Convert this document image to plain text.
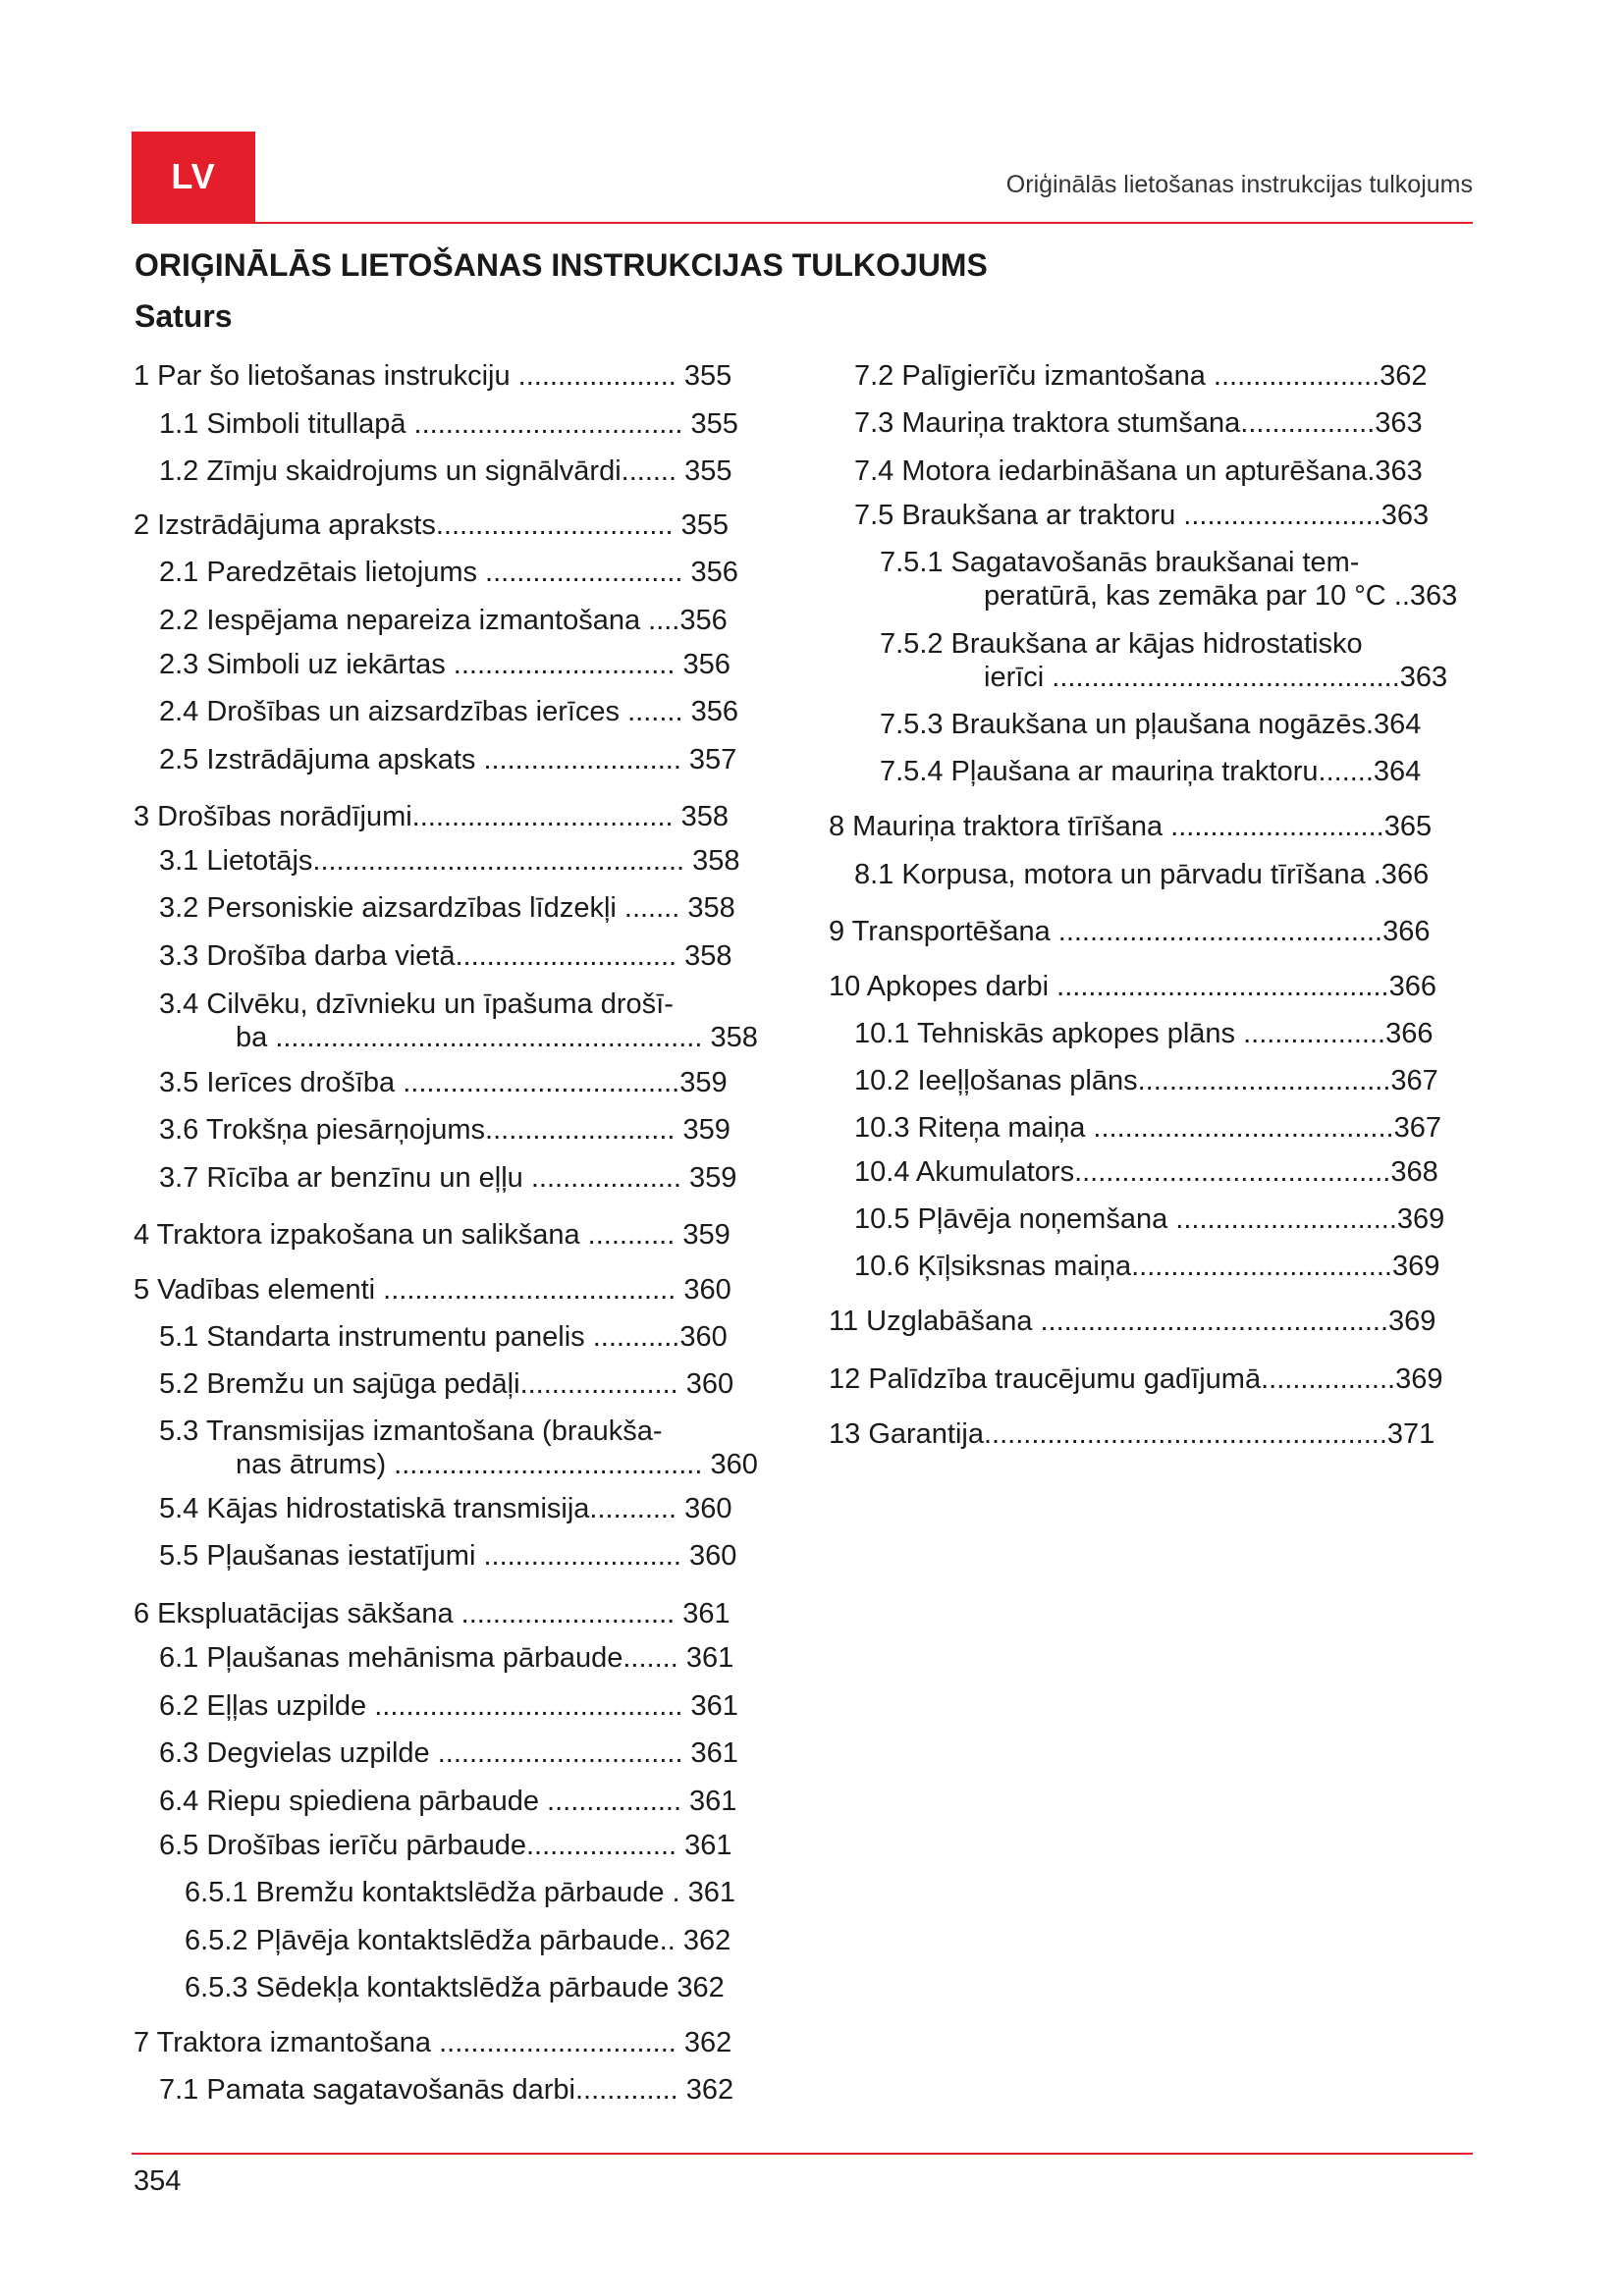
LV	Oriģinālās lietošanas instrukcijas tulkojums
ORIĢINĀLĀS LIETOŠANAS INSTRUKCIJAS TULKOJUMS
Saturs
1 Par šo lietošanas instrukciju .................... 355
1.1 Simboli titullapā .................................. 355
1.2 Zīmju skaidrojums un signālvārdi....... 355
2 Izstrādājuma apraksts.............................. 355
2.1 Paredzētais lietojums ......................... 356
2.2 Iespējama nepareiza izmantošana ....356
2.3 Simboli uz iekārtas ............................ 356
2.4 Drošības un aizsardzības ierīces ....... 356
2.5 Izstrādājuma apskats ......................... 357
3 Drošības norādījumi................................. 358
3.1 Lietotājs............................................... 358
3.2 Personiskie aizsardzības līdzekļi ....... 358
3.3 Drošība darba vietā............................ 358
3.4 Cilvēku, dzīvnieku un īpašuma drošī-
ba ...................................................... 358
3.5 Ierīces drošība ...................................359
3.6 Trokšņa piesārņojums........................ 359
3.7 Rīcība ar benzīnu un eļļu ................... 359
4 Traktora izpakošana un salikšana ........... 359
5 Vadības elementi ..................................... 360
5.1 Standarta instrumentu panelis ...........360
5.2 Bremžu un sajūga pedāļi.................... 360
5.3 Transmisijas izmantošana (braukša-
nas ātrums) ....................................... 360
5.4 Kājas hidrostatiskā transmisija........... 360
5.5 Pļaušanas iestatījumi ......................... 360
6 Ekspluatācijas sākšana ........................... 361
6.1 Pļaušanas mehānisma pārbaude....... 361
6.2 Eļļas uzpilde ....................................... 361
6.3 Degvielas uzpilde ............................... 361
6.4 Riepu spiediena pārbaude ................. 361
6.5 Drošības ierīču pārbaude................... 361
6.5.1 Bremžu kontaktslēdža pārbaude . 361
6.5.2 Pļāvēja kontaktslēdža pārbaude.. 362
6.5.3 Sēdekļa kontaktslēdža pārbaude 362
7 Traktora izmantošana .............................. 362
7.1 Pamata sagatavošanās darbi............. 362
7.2 Palīgierīču izmantošana .....................362
7.3 Mauriņa traktora stumšana.................363
7.4 Motora iedarbināšana un apturēšana.363
7.5 Braukšana ar traktoru .........................363
7.5.1 Sagatavošanās braukšanai tem-
peratūrā, kas zemāka par 10 °C ..363
7.5.2 Braukšana ar kājas hidrostatisko
ierīci ............................................363
7.5.3 Braukšana un pļaušana nogāzēs.364
7.5.4 Pļaušana ar mauriņa traktoru.......364
8 Mauriņa traktora tīrīšana ...........................365
8.1 Korpusa, motora un pārvadu tīrīšana .366
9 Transportēšana .........................................366
10 Apkopes darbi ..........................................366
10.1 Tehniskās apkopes plāns ..................366
10.2 Ieeļļošanas plāns................................367
10.3 Riteņa maiņa ......................................367
10.4 Akumulators........................................368
10.5 Pļāvēja noņemšana ............................369
10.6 Ķīļsiksnas maiņa.................................369
11 Uzglabāšana ............................................369
12 Palīdzība traucējumu gadījumā.................369
13 Garantija...................................................371
354
